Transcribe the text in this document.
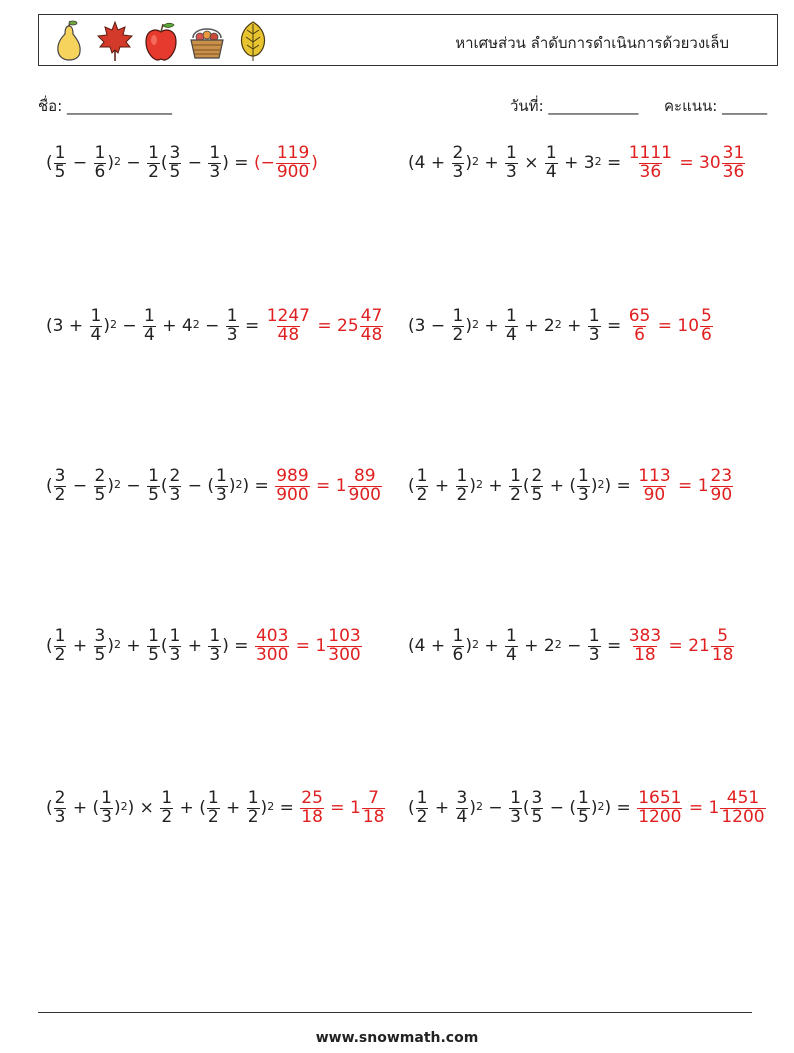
หาเศษส่วน ลำดับการดำเนินการด้วยวงเล็บ
ชื่อ: ______________	วันที่: ____________ คะแนน: ______
( $\frac{1}{5} - \frac{1}{6} )^2 - \frac{1}{2}$ ( $\frac{3}{5} - \frac{1}{3}$ ) = (− $\frac{119}{900}$ )	$(4 + \frac{2}{3} )^2 + \frac{1}{3} \times \frac{1}{4} + 3^2 = \frac{1111}{36} = 30 \frac{31}{36}$
$(3 + \frac{1}{4} )^2 - \frac{1}{4} + 4^2 - \frac{1}{3} = \frac{1247}{48} = 25 \frac{47}{48} (3 - \frac{1}{2} )^2 + \frac{1}{4} + 2^2 + \frac{1}{3} = \frac{65}{6} = 10 \frac{5}{6}$
( $\frac{3}{2} - \frac{2}{5} )^2 - \frac{1}{5}$ ( $\frac{2}{3}$ − ( $\frac{1}{3} )^2$ ) = $\frac{989}{900} = 1 \frac{89}{900}$ ( $\frac{1}{2} + \frac{1}{2} )^2 + \frac{1}{2}$ ( $\frac{2}{5}$ + ( $\frac{1}{3} )^2$ ) = $\frac{113}{90} = 1 \frac{23}{90}$
( $\frac{1}{2} + \frac{3}{5} )^2 + \frac{1}{5}$ ( $\frac{1}{3} + \frac{1}{3}$ ) = $\frac{403}{300} = 1 \frac{103}{300}$	$(4 + \frac{1}{6} )^2 + \frac{1}{4} + 2^2 - \frac{1}{3} = \frac{383}{18} = 21 \frac{5}{18}$
( $\frac{2}{3}$ + ( $\frac{1}{3} )^2$ ) × $\frac{1}{2}$ + ( $\frac{1}{2} + \frac{1}{2} )^2 = \frac{25}{18} = 1 \frac{7}{18}$ ( $\frac{1}{2} + \frac{3}{4} )^2 - \frac{1}{3}$ ( $\frac{3}{5}$ − ( $\frac{1}{5} )^2$ ) = $\frac{1651}{1200} = 1 \frac{451}{1200}$
www.snowmath.com
